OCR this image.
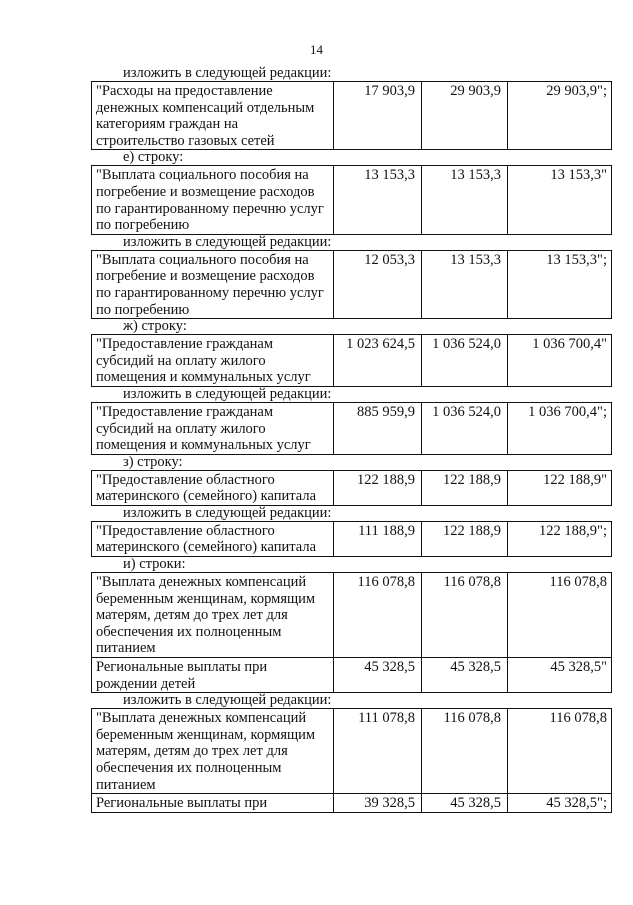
14
изложить в следующей редакции:
"Расходы на предоставление денежных компенсаций отдельным категориям граждан на строительство газовых сетей	17 903,9	29 903,9	29 903,9";
е) строку:
"Выплата социального пособия на погребение и возмещение расходов по гарантированному перечню услуг по погребению	13 153,3	13 153,3	13 153,3"
изложить в следующей редакции:
"Выплата социального пособия на погребение и возмещение расходов по гарантированному перечню услуг по погребению	12 053,3	13 153,3	13 153,3";
ж) строку:
"Предоставление гражданам субсидий на оплату жилого помещения и коммунальных услуг	1 023 624,5	1 036 524,0	1 036 700,4"
изложить в следующей редакции:
"Предоставление гражданам субсидий на оплату жилого помещения и коммунальных услуг	885 959,9	1 036 524,0	1 036 700,4";
з) строку:
"Предоставление областного материнского (семейного) капитала	122 188,9	122 188,9	122 188,9"
изложить в следующей редакции:
"Предоставление областного материнского (семейного) капитала	111 188,9	122 188,9	122 188,9";
и) строки:
"Выплата денежных компенсаций беременным женщинам, кормящим матерям, детям до трех лет для обеспечения их полноценным питанием	116 078,8	116 078,8	116 078,8
Региональные выплаты при рождении детей	45 328,5	45 328,5	45 328,5"
изложить в следующей редакции:
"Выплата денежных компенсаций беременным женщинам, кормящим матерям, детям до трех лет для обеспечения их полноценным питанием	111 078,8	116 078,8	116 078,8
Региональные выплаты при	39 328,5	45 328,5	45 328,5";
